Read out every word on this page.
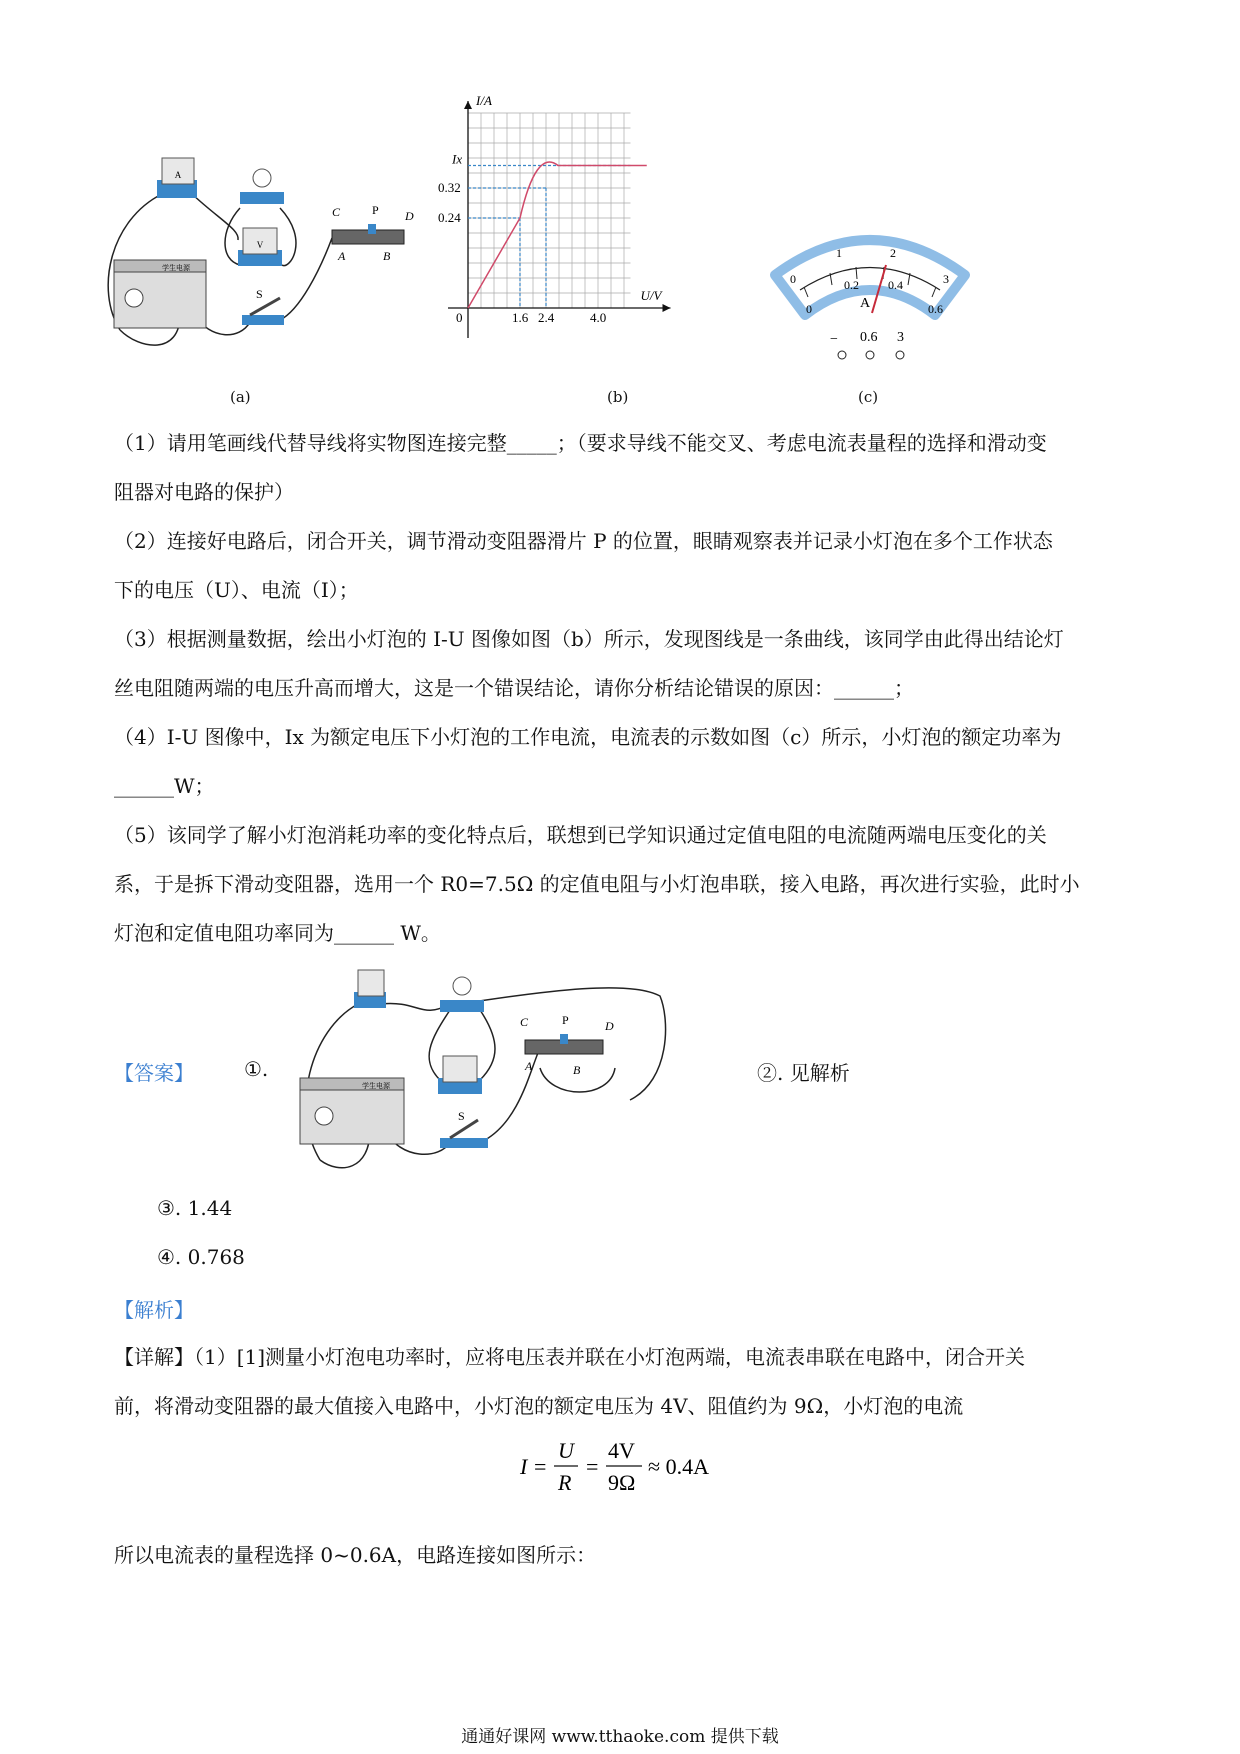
A
V
学生电源
S
C	P D
A	B
(a)
1.6 2.4	4.0
0.24
0.32
Ix
0
U/V
I/A
(b)
0
1	2
3
0
0.2 0.4
0.6
A
− 0.6 3
(c)
（1）请用笔画线代替导线将实物图连接完整_____；（要求导线不能交叉、考虑电流表量程的选择和滑动变
阻器对电路的保护）
（2）连接好电路后，闭合开关，调节滑动变阻器滑片 P 的位置，眼睛观察表并记录小灯泡在多个工作状态
下的电压（U）、电流（I）；
（3）根据测量数据，绘出小灯泡的 I-U 图像如图（b）所示，发现图线是一条曲线，该同学由此得出结论灯
丝电阻随两端的电压升高而增大，这是一个错误结论，请你分析结论错误的原因：______；
（4）I-U 图像中，Ix 为额定电压下小灯泡的工作电流，电流表的示数如图（c）所示，小灯泡的额定功率为
______W；
（5）该同学了解小灯泡消耗功率的变化特点后，联想到已学知识通过定值电阻的电流随两端电压变化的关
系，于是拆下滑动变阻器，选用一个 R0=7.5Ω 的定值电阻与小灯泡串联，接入电路，再次进行实验，此时小
灯泡和定值电阻功率同为______ W。
【答案】	①.
学生电源
S
C	P	D
A	B	②. 见解析
③. 1.44
④. 0.768
【解析】
【详解】（1）[1]测量小灯泡电功率时，应将电压表并联在小灯泡两端，电流表串联在电路中，闭合开关
前，将滑动变阻器的最大值接入电路中，小灯泡的额定电压为 4V、阻值约为 9Ω，小灯泡的电流
I =
U
R
=
4V
9Ω
≈ 0.4A
所以电流表的量程选择 0~0.6A，电路连接如图所示：
通通好课网 www.tthaoke.com 提供下载
